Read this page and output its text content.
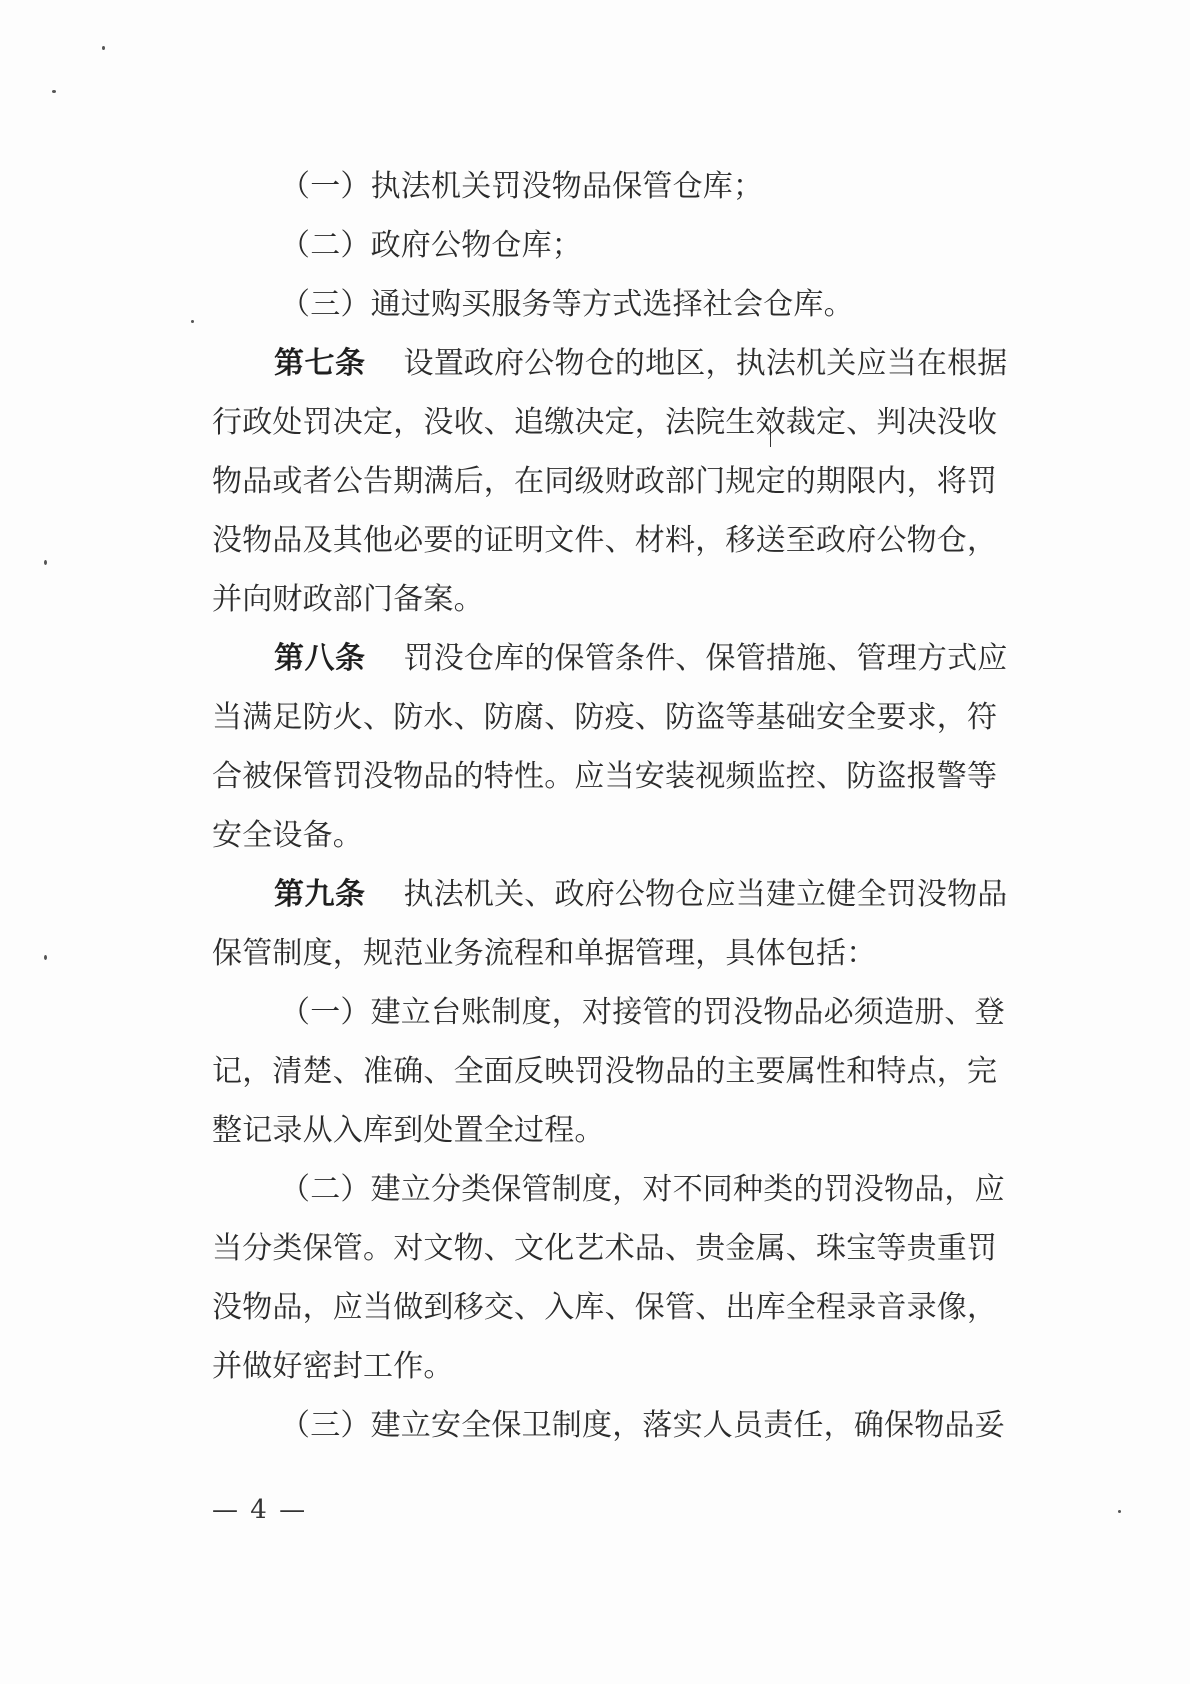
（一）执法机关罚没物品保管仓库；
（二）政府公物仓库；
（三）通过购买服务等方式选择社会仓库。
第七条 设置政府公物仓的地区，执法机关应当在根据
行政处罚决定，没收、追缴决定，法院生效裁定、判决没收
物品或者公告期满后，在同级财政部门规定的期限内，将罚
没物品及其他必要的证明文件、材料，移送至政府公物仓，
并向财政部门备案。
第八条 罚没仓库的保管条件、保管措施、管理方式应
当满足防火、防水、防腐、防疫、防盗等基础安全要求，符
合被保管罚没物品的特性。应当安装视频监控、防盗报警等
安全设备。
第九条 执法机关、政府公物仓应当建立健全罚没物品
保管制度，规范业务流程和单据管理，具体包括：
（一）建立台账制度，对接管的罚没物品必须造册、登
记，清楚、准确、全面反映罚没物品的主要属性和特点，完
整记录从入库到处置全过程。
（二）建立分类保管制度，对不同种类的罚没物品，应
当分类保管。对文物、文化艺术品、贵金属、珠宝等贵重罚
没物品，应当做到移交、入库、保管、出库全程录音录像，
并做好密封工作。
（三）建立安全保卫制度，落实人员责任，确保物品妥
— 4 —
